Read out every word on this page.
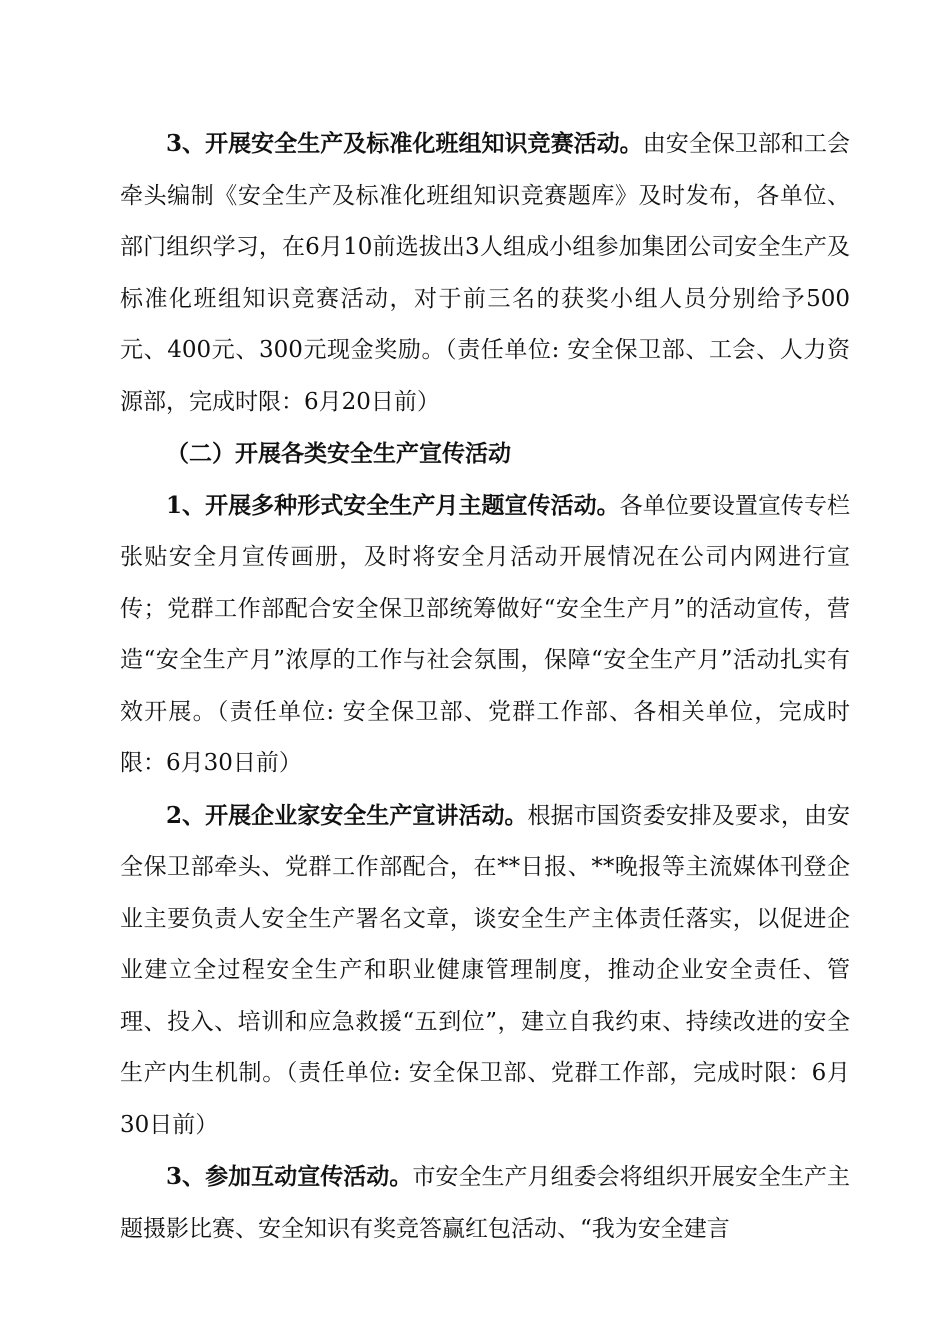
3、开展安全生产及标准化班组知识竞赛活动。由安全保卫部和工会牵头编制《安全生产及标准化班组知识竞赛题库》及时发布，各单位、部门组织学习，在6月10前选拔出3人组成小组参加集团公司安全生产及标准化班组知识竞赛活动，对于前三名的获奖小组人员分别给予500元、400元、300元现金奖励。（责任单位: 安全保卫部、工会、人力资源部，完成时限：6月20日前）

（二）开展各类安全生产宣传活动

1、开展多种形式安全生产月主题宣传活动。各单位要设置宣传专栏张贴安全月宣传画册，及时将安全月活动开展情况在公司内网进行宣传；党群工作部配合安全保卫部统筹做好“安全生产月”的活动宣传，营造“安全生产月”浓厚的工作与社会氛围，保障“安全生产月”活动扎实有效开展。（责任单位: 安全保卫部、党群工作部、各相关单位，完成时限：6月30日前）

2、开展企业家安全生产宣讲活动。根据市国资委安排及要求，由安全保卫部牵头、党群工作部配合，在**日报、**晚报等主流媒体刊登企业主要负责人安全生产署名文章，谈安全生产主体责任落实，以促进企业建立全过程安全生产和职业健康管理制度，推动企业安全责任、管理、投入、培训和应急救援“五到位”，建立自我约束、持续改进的安全生产内生机制。（责任单位: 安全保卫部、党群工作部，完成时限：6月30日前）

3、参加互动宣传活动。市安全生产月组委会将组织开展安全生产主题摄影比赛、安全知识有奖竞答赢红包活动、“我为安全建言
